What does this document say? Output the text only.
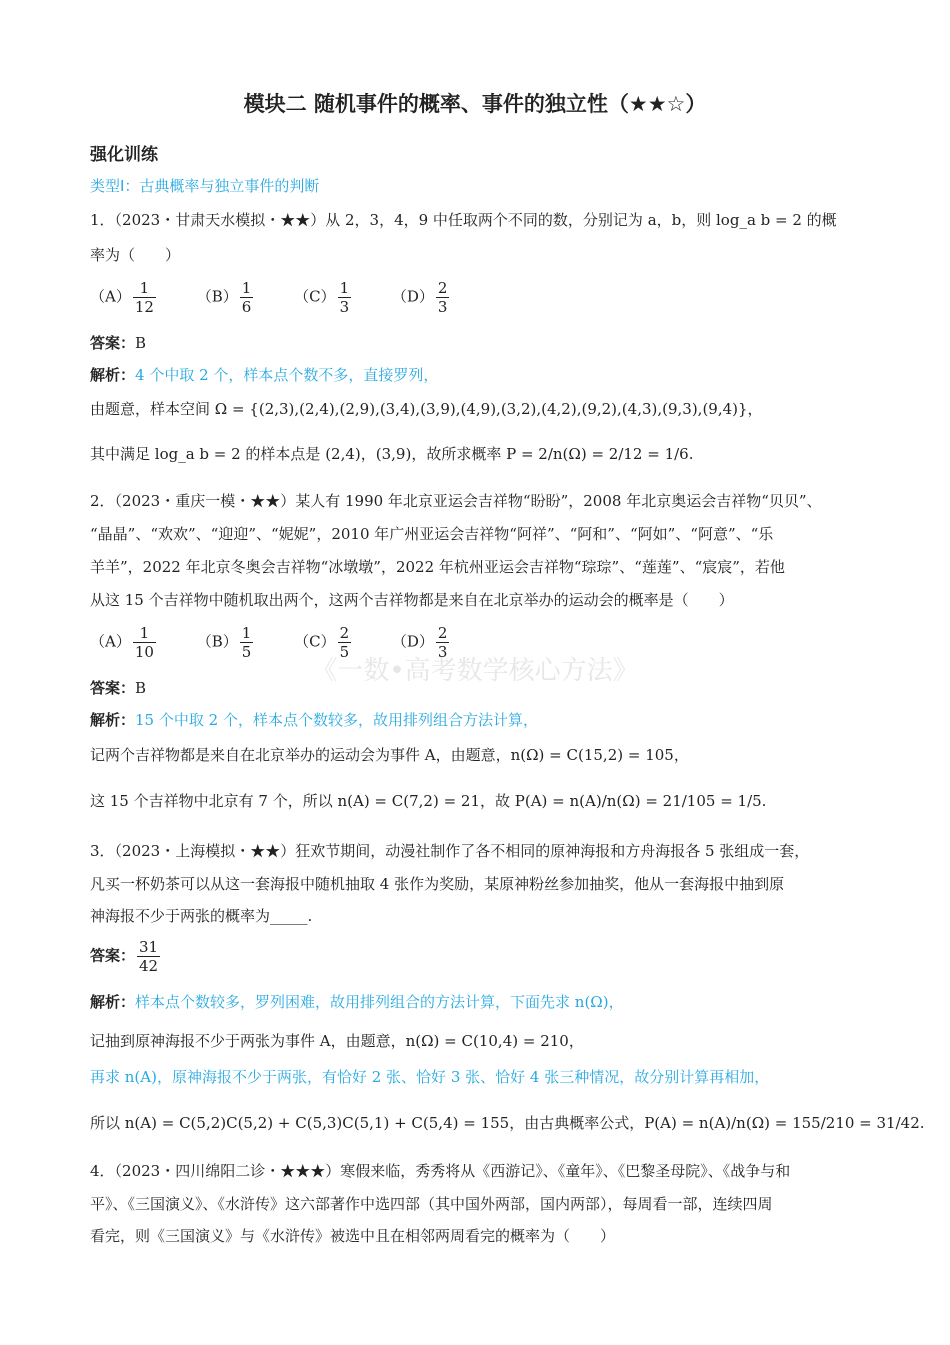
《一数•高考数学核心方法》
模块二 随机事件的概率、事件的独立性（★★☆）
强化训练
类型Ⅰ：古典概率与独立事件的判断
1．（2023・甘肃天水模拟・★★）从 2，3，4，9 中任取两个不同的数，分别记为 a，b，则 log_a b = 2 的概
率为（　　）
$(A) \frac{1}{12}$	$(B) \frac{1}{6}$	$(C) \frac{1}{3}$	$(D) \frac{2}{3}$
答案：B
解析：4 个中取 2 个，样本点个数不多，直接罗列，
由题意，样本空间 Ω = {(2,3),(2,4),(2,9),(3,4),(3,9),(4,9),(3,2),(4,2),(9,2),(4,3),(9,3),(9,4)}，
其中满足 log_a b = 2 的样本点是 (2,4)，(3,9)，故所求概率 P = 2/n(Ω) = 2/12 = 1/6.
2．（2023・重庆一模・★★）某人有 1990 年北京亚运会吉祥物“盼盼”，2008 年北京奥运会吉祥物“贝贝”、
“晶晶”、“欢欢”、“迎迎”、“妮妮”，2010 年广州亚运会吉祥物“阿祥”、“阿和”、“阿如”、“阿意”、“乐
羊羊”，2022 年北京冬奥会吉祥物“冰墩墩”，2022 年杭州亚运会吉祥物“琮琮”、“莲莲”、“宸宸”，若他
从这 15 个吉祥物中随机取出两个，这两个吉祥物都是来自在北京举办的运动会的概率是（　　）
$(A) \frac{1}{10}$	$(B) \frac{1}{5}$	$(C) \frac{2}{5}$	$(D) \frac{2}{3}$
答案：B
解析：15 个中取 2 个，样本点个数较多，故用排列组合方法计算，
记两个吉祥物都是来自在北京举办的运动会为事件 A，由题意，n(Ω) = C(15,2) = 105，
这 15 个吉祥物中北京有 7 个，所以 n(A) = C(7,2) = 21，故 P(A) = n(A)/n(Ω) = 21/105 = 1/5.
3．（2023・上海模拟・★★）狂欢节期间，动漫社制作了各不相同的原神海报和方舟海报各 5 张组成一套，
凡买一杯奶茶可以从这一套海报中随机抽取 4 张作为奖励，某原神粉丝参加抽奖，他从一套海报中抽到原
神海报不少于两张的概率为_____.
答案： $\frac{31}{42}$
解析：样本点个数较多，罗列困难，故用排列组合的方法计算，下面先求 n(Ω)，
记抽到原神海报不少于两张为事件 A，由题意，n(Ω) = C(10,4) = 210，
再求 n(A)，原神海报不少于两张，有恰好 2 张、恰好 3 张、恰好 4 张三种情况，故分别计算再相加，
所以 n(A) = C(5,2)C(5,2) + C(5,3)C(5,1) + C(5,4) = 155，由古典概率公式，P(A) = n(A)/n(Ω) = 155/210 = 31/42.
4．（2023・四川绵阳二诊・★★★）寒假来临，秀秀将从《西游记》、《童年》、《巴黎圣母院》、《战争与和
平》、《三国演义》、《水浒传》这六部著作中选四部（其中国外两部，国内两部），每周看一部，连续四周
看完，则《三国演义》与《水浒传》被选中且在相邻两周看完的概率为（　　）
